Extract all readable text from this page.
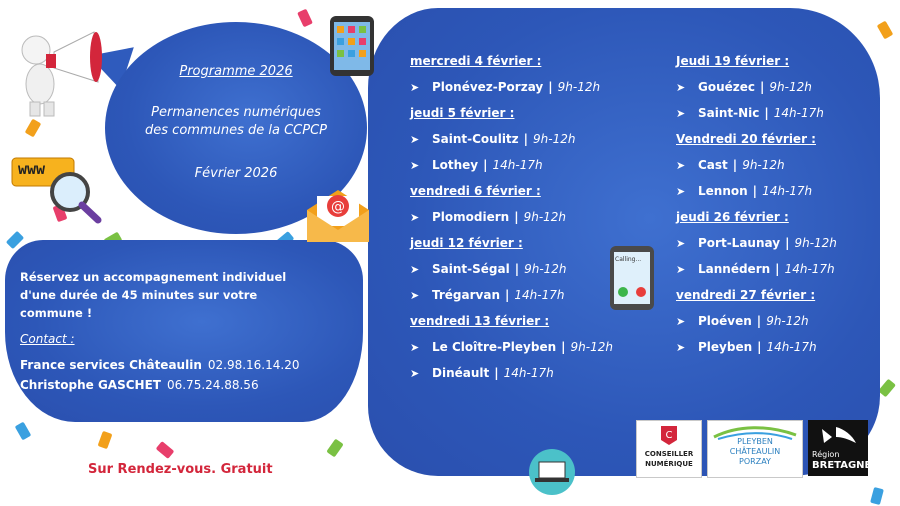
Programme 2026
Permanences numériques
des communes de la CCPCP
Février 2026
www
@
Calling...
mercredi 4 février :
➤	Plonévez-Porzay | 9h-12h
jeudi 5 février :
➤	Saint-Coulitz | 9h-12h
➤	Lothey | 14h-17h
vendredi 6 février :
➤	Plomodiern | 9h-12h
jeudi 12 février :
➤	Saint-Ségal | 9h-12h
➤	Trégarvan | 14h-17h
vendredi 13 février :
➤	Le Cloître-Pleyben | 9h-12h
➤	Dinéault | 14h-17h
Jeudi 19 février :
➤	Gouézec | 9h-12h
➤	Saint-Nic | 14h-17h
Vendredi 20 février :
➤	Cast | 9h-12h
➤	Lennon | 14h-17h
jeudi 26 février :
➤	Port-Launay | 9h-12h
➤	Lannédern | 14h-17h
vendredi 27 février :
➤	Ploéven | 9h-12h
➤	Pleyben | 14h-17h
Réservez un accompagnement individuel
d'une durée de 45 minutes sur votre
commune !
Contact :
France services Châteaulin 02.98.16.14.20
Christophe GASCHET 06.75.24.88.56
Sur Rendez-vous. Gratuit
C
CONSEILLER
NUMÉRIQUE
PLEYBEN
CHÂTEAULIN
PORZAY
Région
BRETAGNE
